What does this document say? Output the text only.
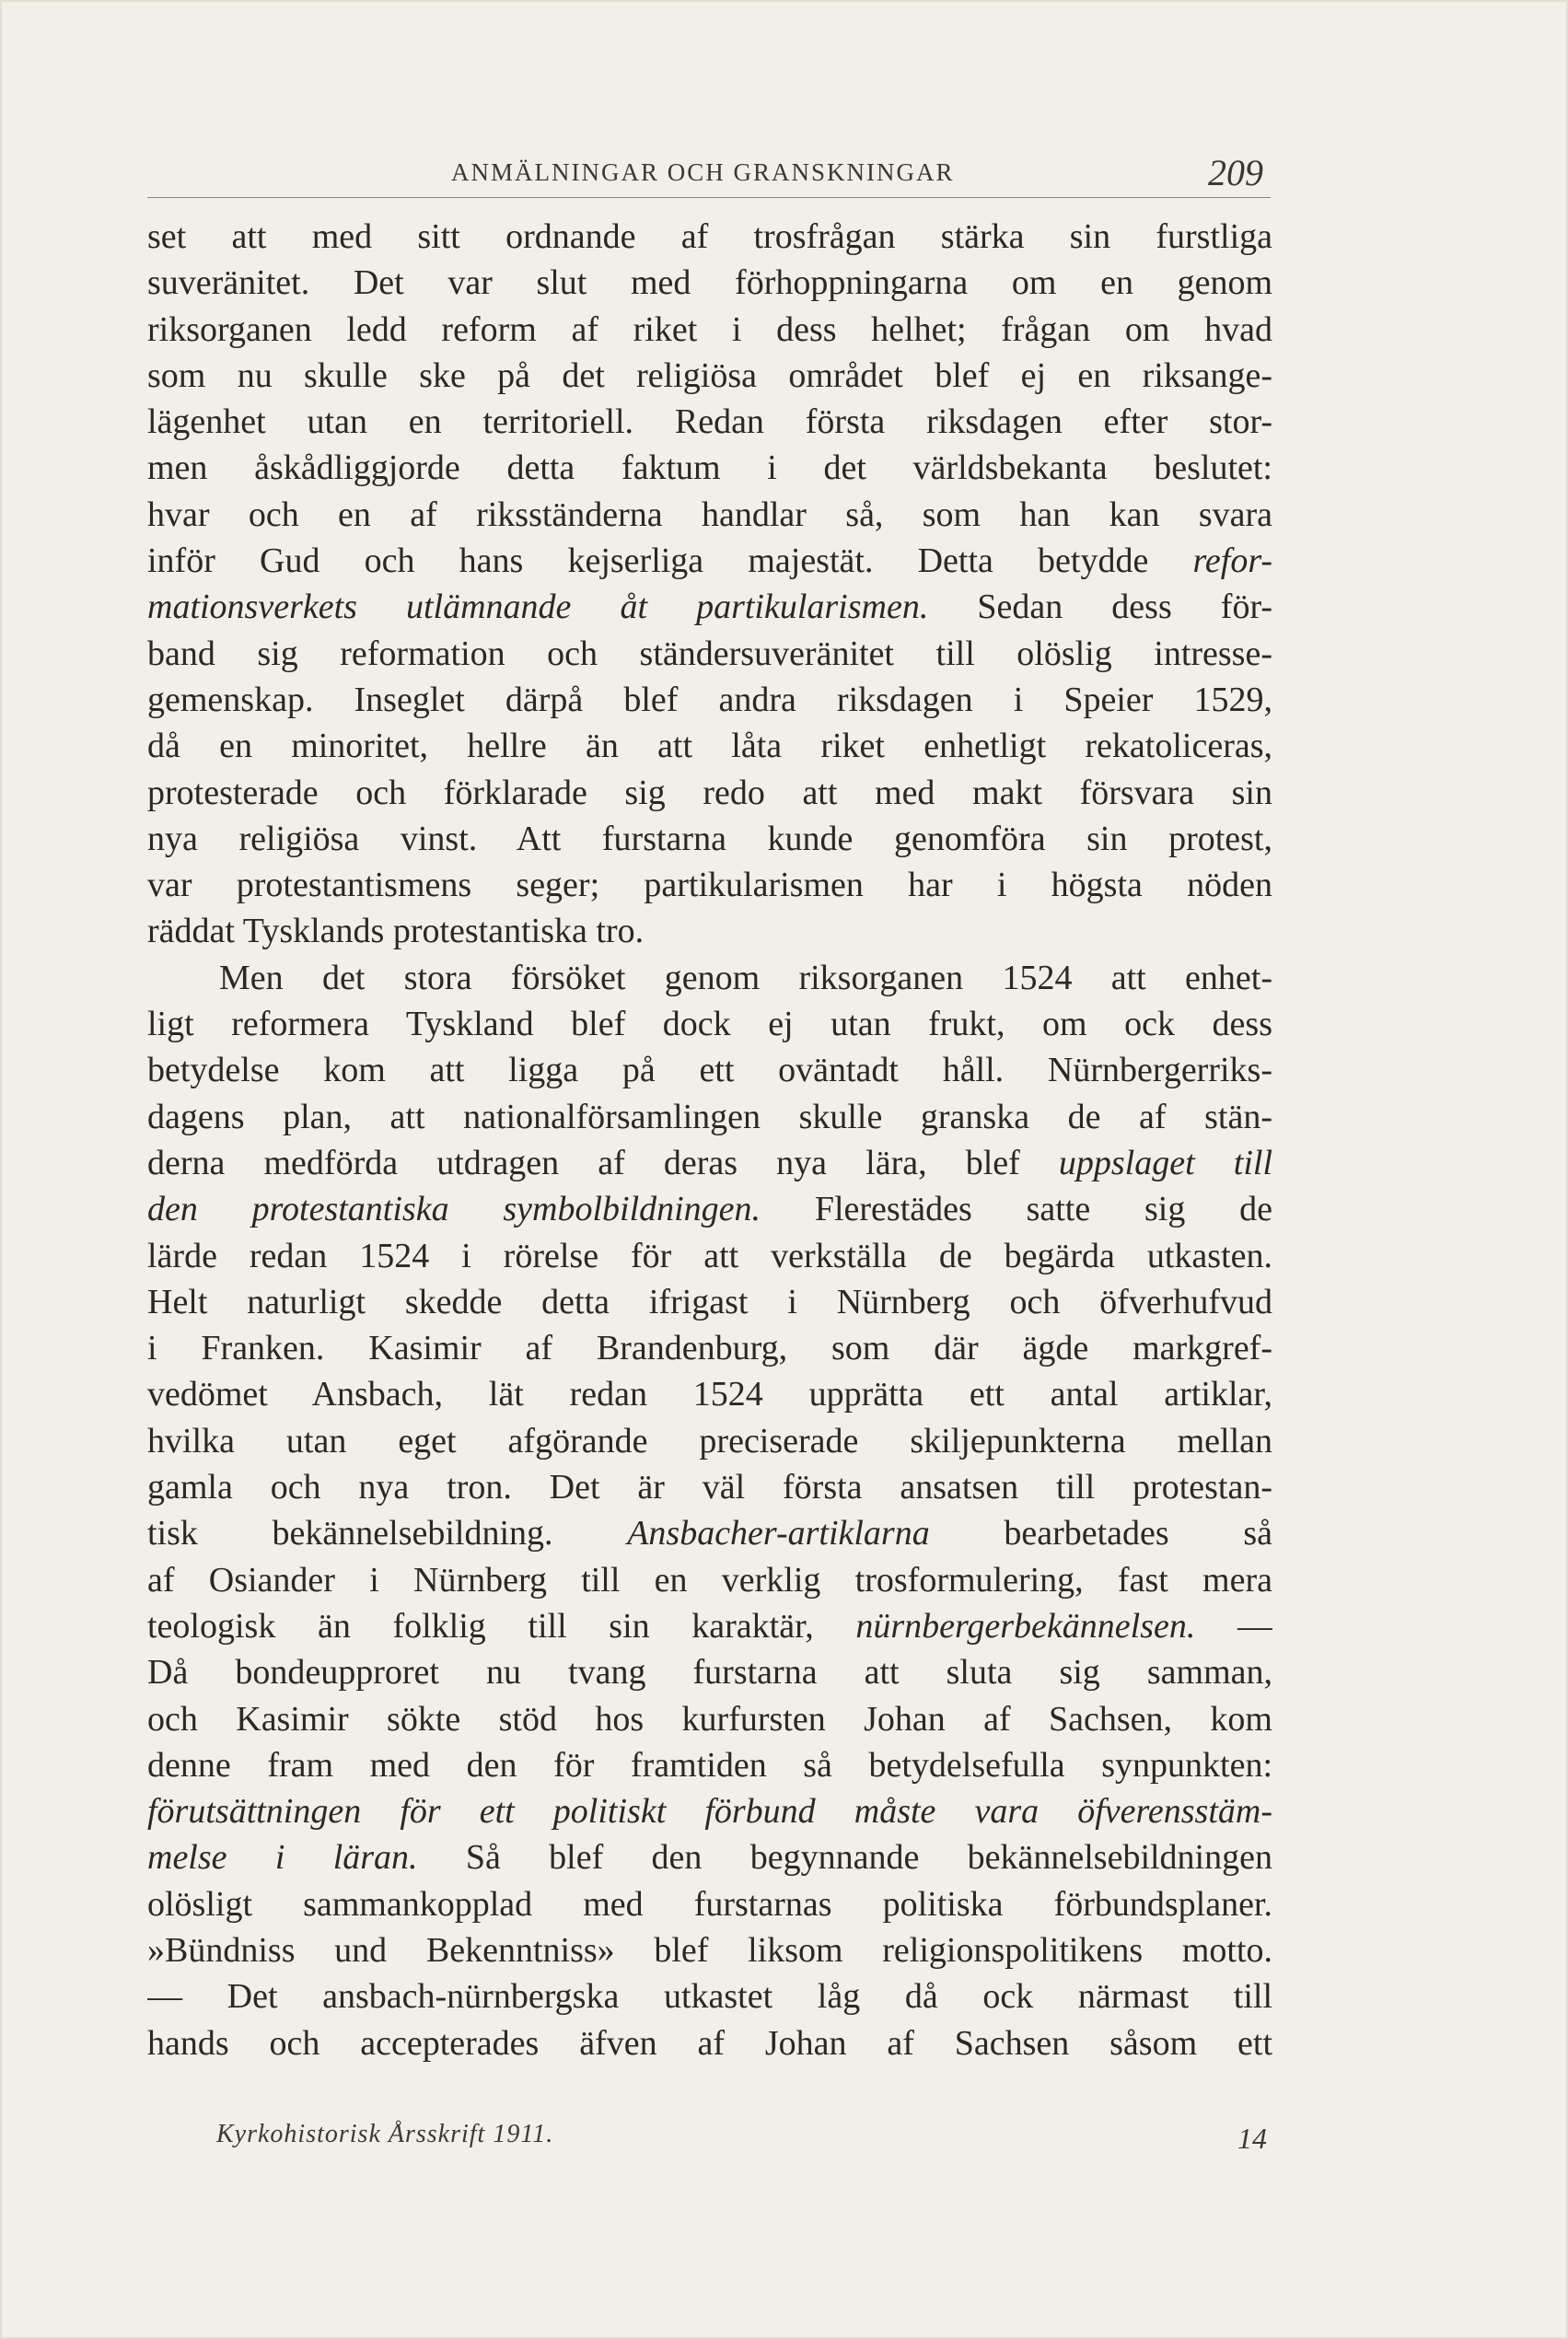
ANMÄLNINGAR OCH GRANSKNINGAR	209
set att med sitt ordnande af trosfrågan stärka sin furstliga
suveränitet. Det var slut med förhoppningarna om en genom
riksorganen ledd reform af riket i dess helhet; frågan om hvad
som nu skulle ske på det religiösa området blef ej en riksange-
lägenhet utan en territoriell. Redan första riksdagen efter stor-
men åskådliggjorde detta faktum i det världsbekanta beslutet:
hvar och en af riksständerna handlar så, som han kan svara
inför Gud och hans kejserliga majestät. Detta betydde refor-
mationsverkets utlämnande åt partikularismen. Sedan dess för-
band sig reformation och ständersuveränitet till olöslig intresse-
gemenskap. Inseglet därpå blef andra riksdagen i Speier 1529,
då en minoritet, hellre än att låta riket enhetligt rekatoliceras,
protesterade och förklarade sig redo att med makt försvara sin
nya religiösa vinst. Att furstarna kunde genomföra sin protest,
var protestantismens seger; partikularismen har i högsta nöden
räddat Tysklands protestantiska tro.
Men det stora försöket genom riksorganen 1524 att enhet-
ligt reformera Tyskland blef dock ej utan frukt, om ock dess
betydelse kom att ligga på ett oväntadt håll. Nürnbergerriks-
dagens plan, att nationalförsamlingen skulle granska de af stän-
derna medförda utdragen af deras nya lära, blef uppslaget till
den protestantiska symbolbildningen. Flerestädes satte sig de
lärde redan 1524 i rörelse för att verkställa de begärda utkasten.
Helt naturligt skedde detta ifrigast i Nürnberg och öfverhufvud
i Franken. Kasimir af Brandenburg, som där ägde markgref-
vedömet Ansbach, lät redan 1524 upprätta ett antal artiklar,
hvilka utan eget afgörande preciserade skiljepunkterna mellan
gamla och nya tron. Det är väl första ansatsen till protestan-
tisk bekännelsebildning. Ansbacher-artiklarna bearbetades så
af Osiander i Nürnberg till en verklig trosformulering, fast mera
teologisk än folklig till sin karaktär, nürnbergerbekännelsen. —
Då bondeupproret nu tvang furstarna att sluta sig samman,
och Kasimir sökte stöd hos kurfursten Johan af Sachsen, kom
denne fram med den för framtiden så betydelsefulla synpunkten:
förutsättningen för ett politiskt förbund måste vara öfverensstäm-
melse i läran. Så blef den begynnande bekännelsebildningen
olösligt sammankopplad med furstarnas politiska förbundsplaner.
»Bündniss und Bekenntniss» blef liksom religionspolitikens motto.
— Det ansbach-nürnbergska utkastet låg då ock närmast till
hands och accepterades äfven af Johan af Sachsen såsom ett
Kyrkohistorisk Årsskrift 1911.	14
